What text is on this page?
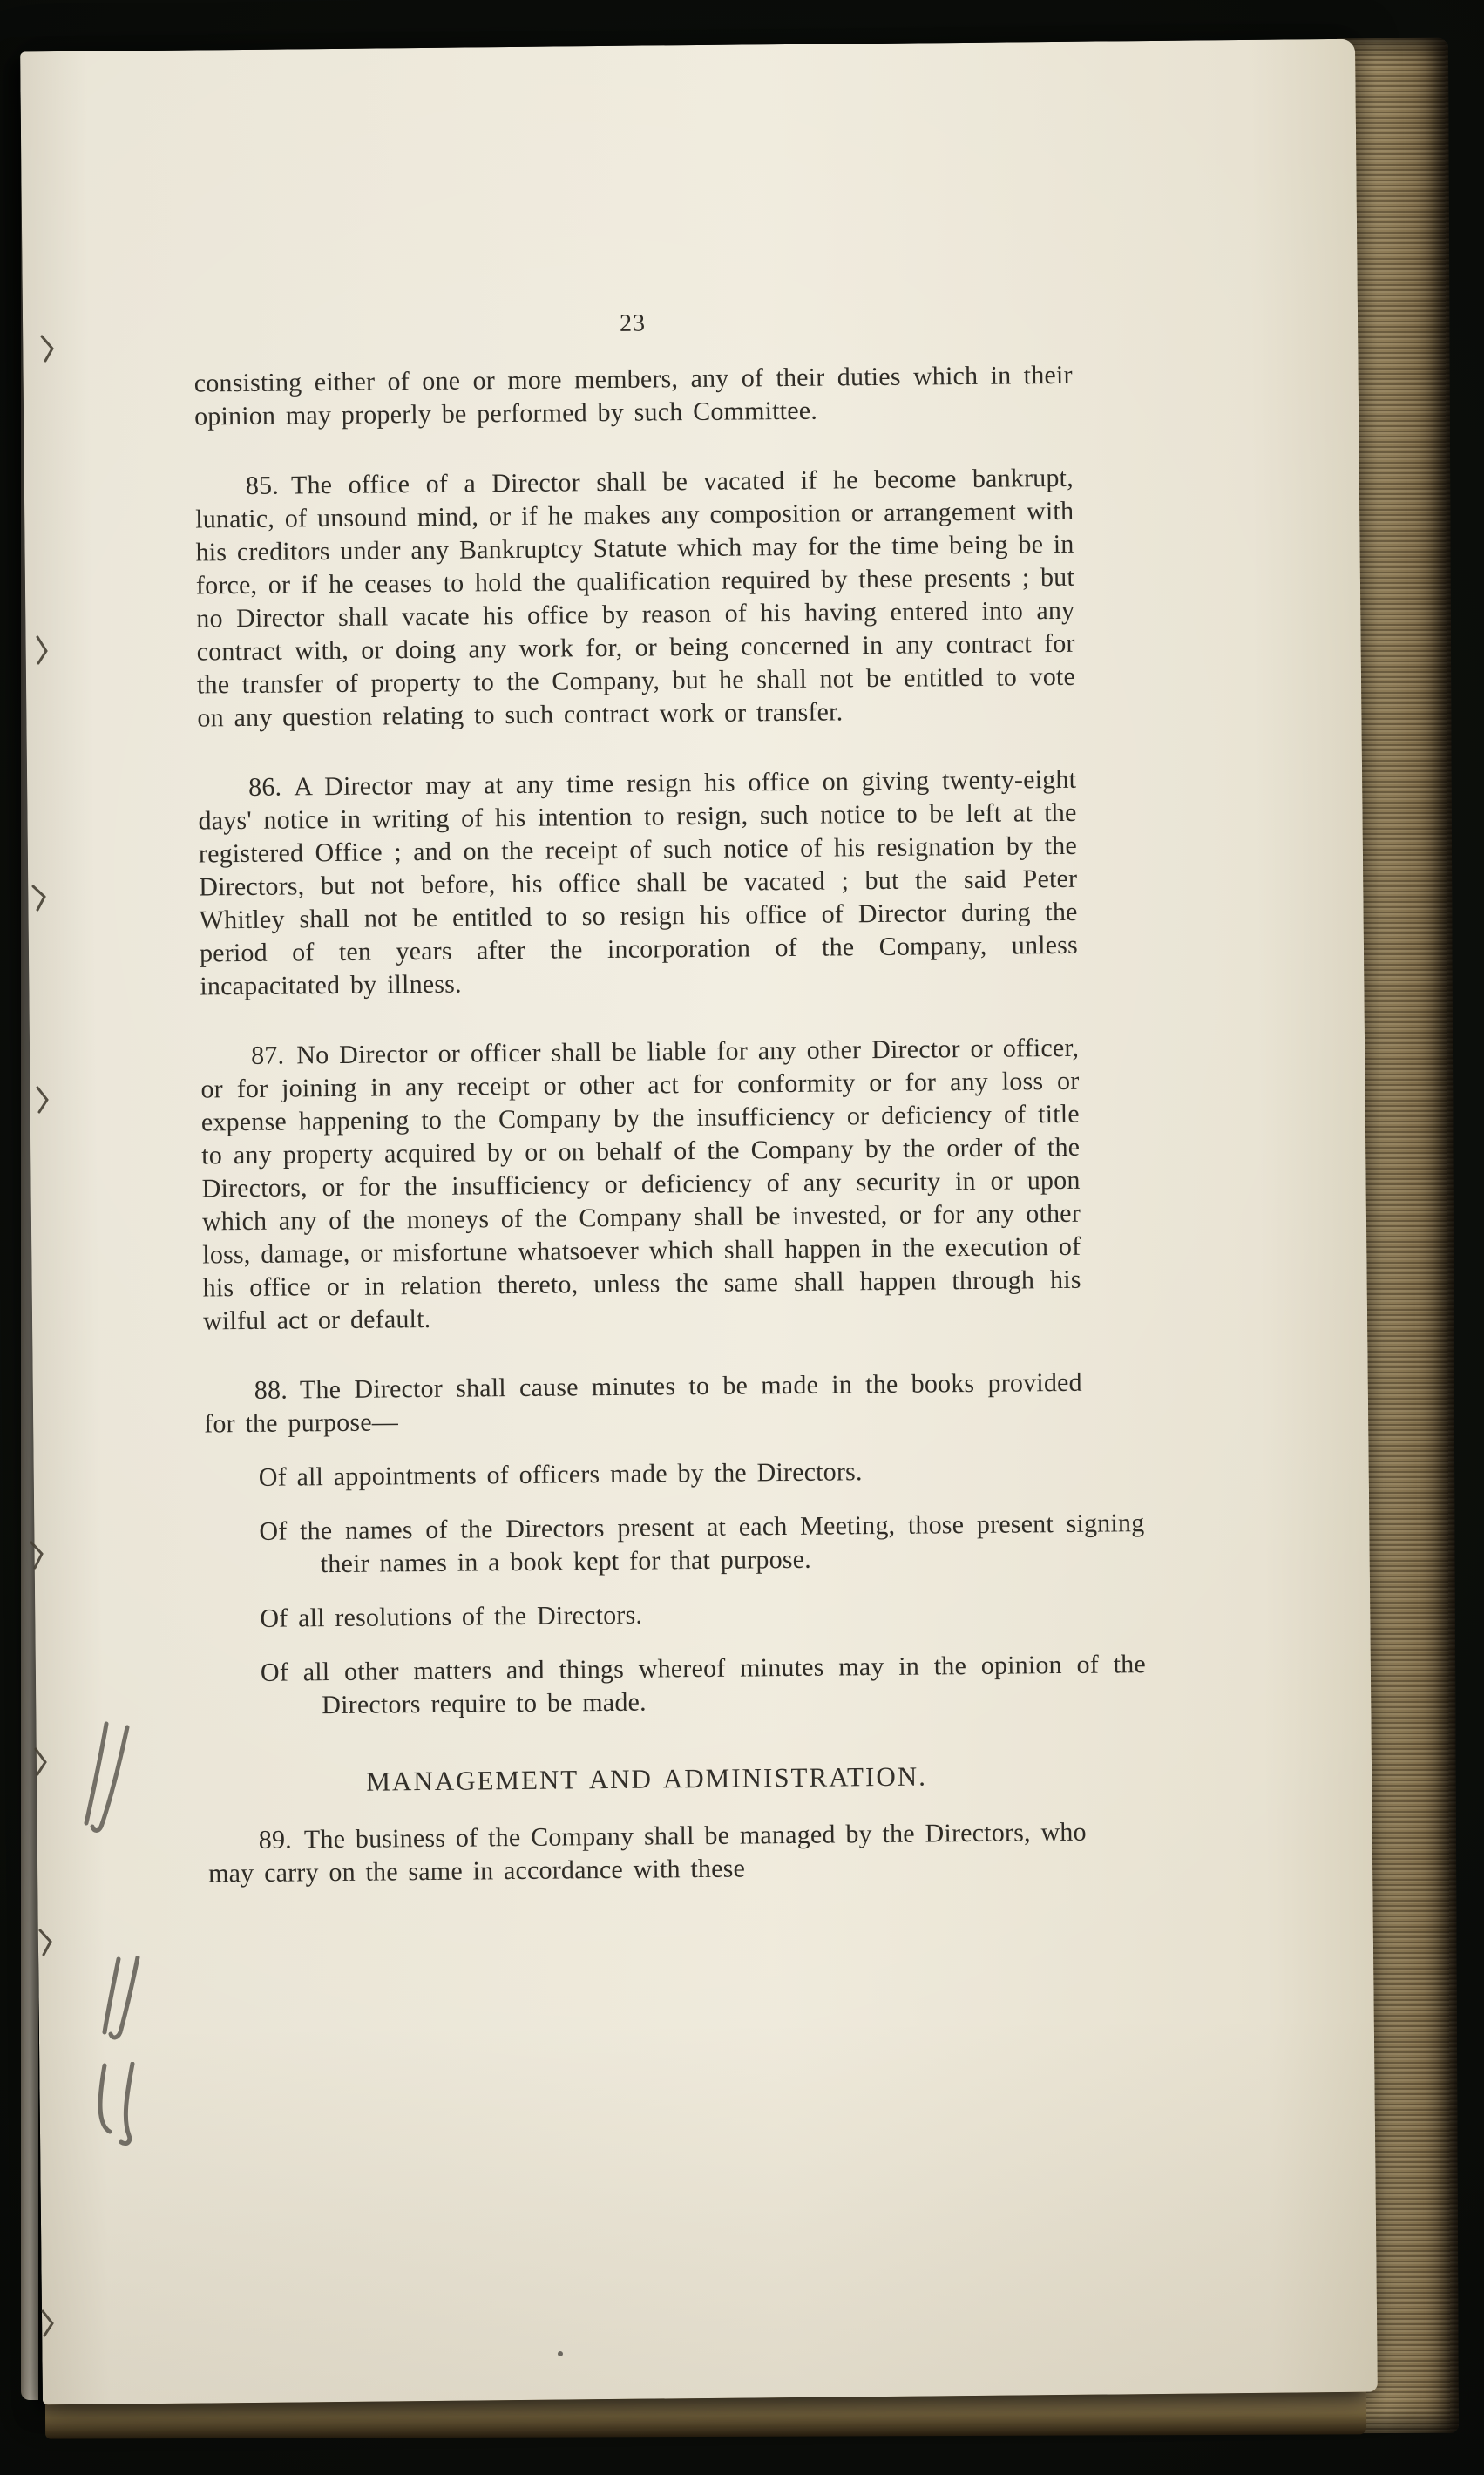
23

consisting either of one or more members, any of their duties which in their opinion may properly be performed by such Committee.

85. The office of a Director shall be vacated if he become bankrupt, lunatic, of unsound mind, or if he makes any composition or arrangement with his creditors under any Bankruptcy Statute which may for the time being be in force, or if he ceases to hold the qualification required by these presents ; but no Director shall vacate his office by reason of his having entered into any contract with, or doing any work for, or being concerned in any contract for the transfer of property to the Company, but he shall not be entitled to vote on any question relating to such contract work or transfer.

86. A Director may at any time resign his office on giving twenty-eight days' notice in writing of his intention to resign, such notice to be left at the registered Office ; and on the receipt of such notice of his resignation by the Directors, but not before, his office shall be vacated ; but the said Peter Whitley shall not be entitled to so resign his office of Director during the period of ten years after the incorporation of the Company, unless incapacitated by illness.

87. No Director or officer shall be liable for any other Director or officer, or for joining in any receipt or other act for conformity or for any loss or expense happening to the Company by the insufficiency or deficiency of title to any property acquired by or on behalf of the Company by the order of the Directors, or for the insufficiency or deficiency of any security in or upon which any of the moneys of the Company shall be invested, or for any other loss, damage, or misfortune whatsoever which shall happen in the execution of his office or in relation thereto, unless the same shall happen through his wilful act or default.

88. The Director shall cause minutes to be made in the books provided for the purpose—

Of all appointments of officers made by the Directors.

Of the names of the Directors present at each Meeting, those present signing their names in a book kept for that purpose.

Of all resolutions of the Directors.

Of all other matters and things whereof minutes may in the opinion of the Directors require to be made.

MANAGEMENT AND ADMINISTRATION.

89. The business of the Company shall be managed by the Directors, who may carry on the same in accordance with these
